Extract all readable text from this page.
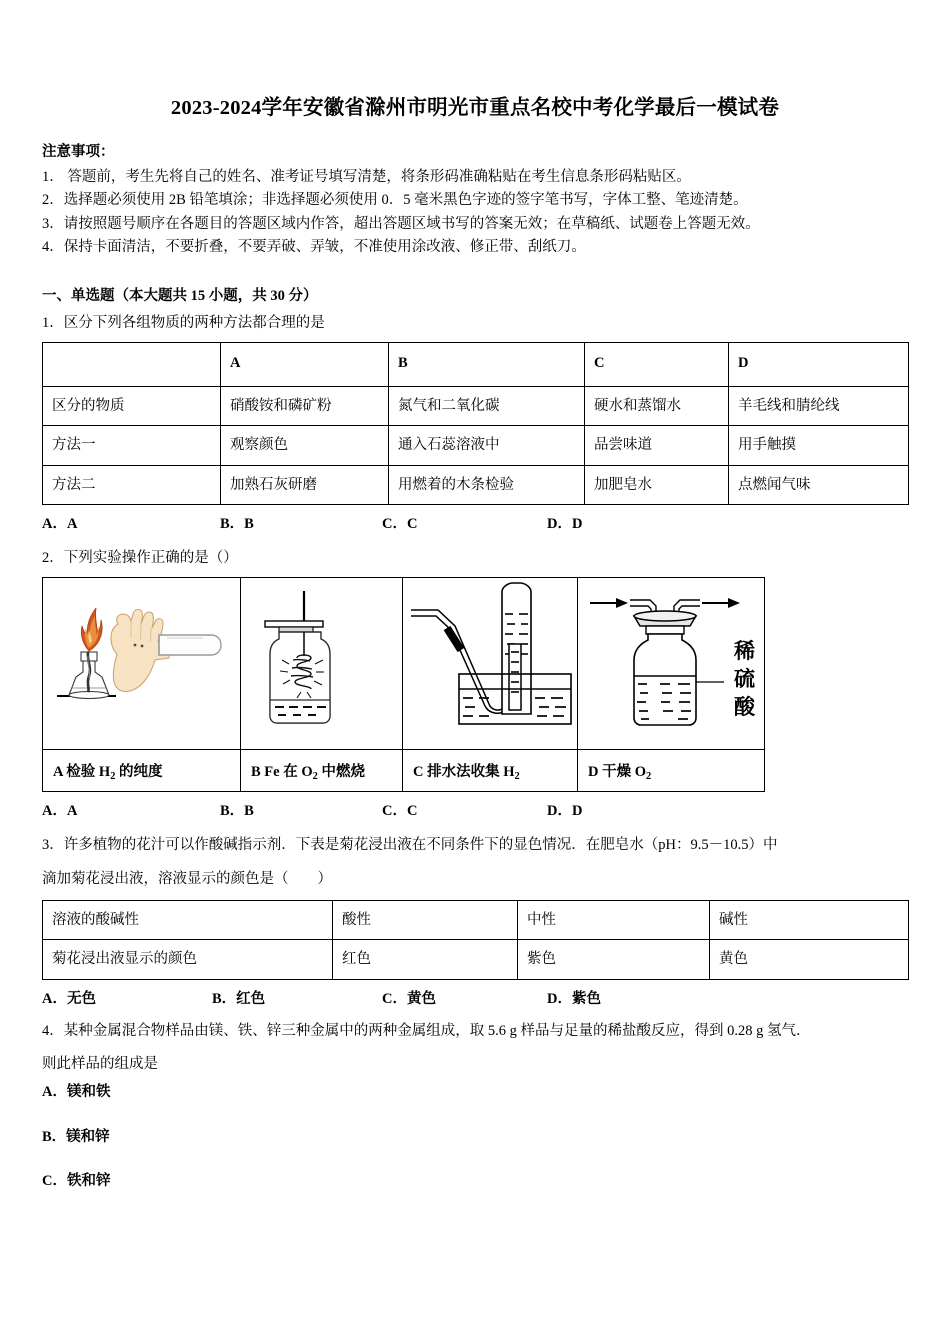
2023-2024学年安徽省滁州市明光市重点名校中考化学最后一模试卷
注意事项：

1． 答题前，考生先将自己的姓名、准考证号填写清楚，将条形码准确粘贴在考生信息条形码粘贴区。

2．选择题必须使用 2B 铅笔填涂；非选择题必须使用 0．5 毫米黑色字迹的签字笔书写，字体工整、笔迹清楚。

3．请按照题号顺序在各题目的答题区域内作答，超出答题区域书写的答案无效；在草稿纸、试题卷上答题无效。

4．保持卡面清洁，不要折叠，不要弄破、弄皱，不准使用涂改液、修正带、刮纸刀。

一、单选题（本大题共 15 小题，共 30 分）
1．区分下列各组物质的两种方法都合理的是
	A	B	C	D
区分的物质	硝酸铵和磷矿粉	氮气和二氧化碳	硬水和蒸馏水	羊毛线和腈纶线
方法一	观察颜色	通入石蕊溶液中	品尝味道	用手触摸
方法二	加熟石灰研磨	用燃着的木条检验	加肥皂水	点燃闻气味
A．A	B．B	C．C	D．D
2．下列实验操作正确的是（）

稀
硫
酸

A 检验 $H_2$ 的纯度	B Fe 在 $O_2$ 中燃烧	C 排水法收集 $H_2$	D 干燥 $O_2$
A．A	B．B	C．C	D．D
3．许多植物的花汁可以作酸碱指示剂．下表是菊花浸出液在不同条件下的显色情况．在肥皂水（pH：9.5－10.5）中
滴加菊花浸出液，溶液显示的颜色是（　　）
溶液的酸碱性	酸性	中性	碱性
菊花浸出液显示的颜色	红色	紫色	黄色
A．无色	B．红色	C．黄色	D．紫色
4．某种金属混合物样品由镁、铁、锌三种金属中的两种金属组成，取 5.6 g 样品与足量的稀盐酸反应，得到 0.28 g 氢气．
则此样品的组成是
A．镁和铁
B．镁和锌
C．铁和锌
